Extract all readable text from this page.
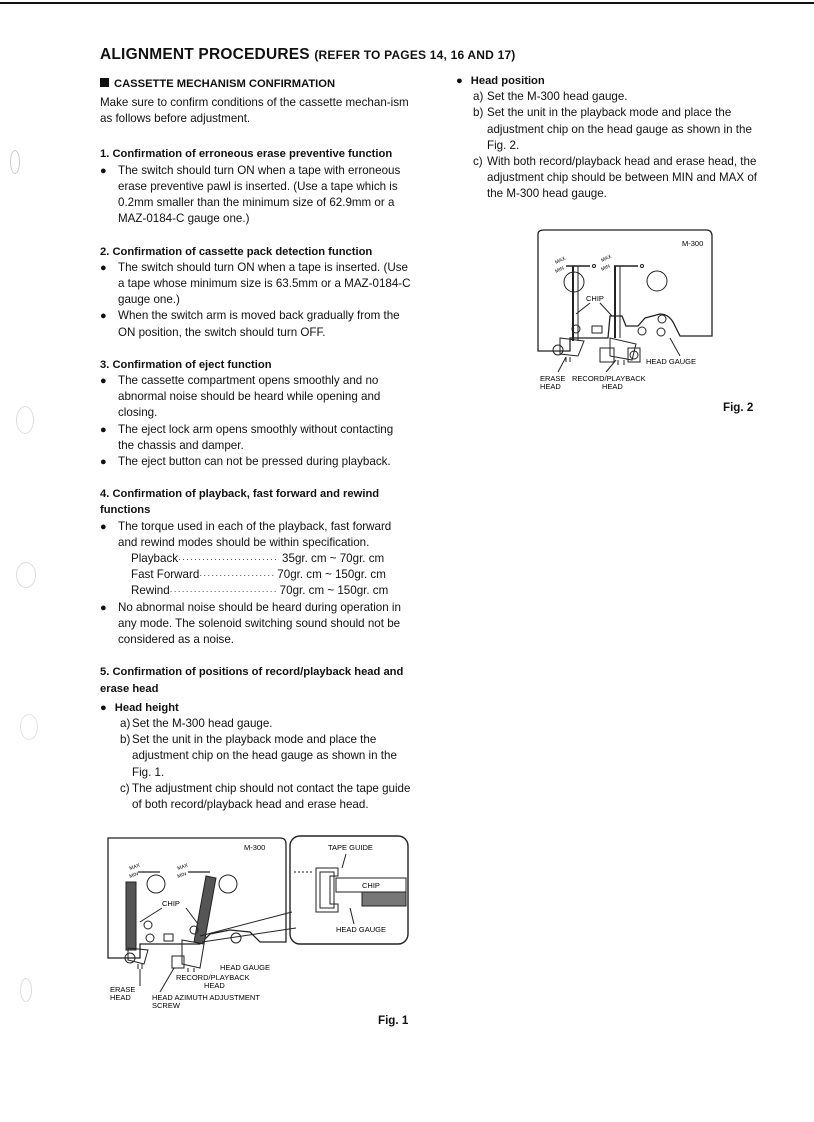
ALIGNMENT PROCEDURES (REFER TO PAGES 14, 16 AND 17)
CASSETTE MECHANISM CONFIRMATION

Make sure to confirm conditions of the cassette mechan-ism as follows before adjustment.

1. Confirmation of erroneous erase preventive function
● The switch should turn ON when a tape with erroneous erase preventive pawl is inserted. (Use a tape which is 0.2mm smaller than the minimum size of 62.9mm or a MAZ-0184-C gauge one.)
2. Confirmation of cassette pack detection function
● The switch should turn ON when a tape is inserted. (Use a tape whose minimum size is 63.5mm or a MAZ-0184-C gauge one.)
● When the switch arm is moved back gradually from the ON position, the switch should turn OFF.
3. Confirmation of eject function
● The cassette compartment opens smoothly and no abnormal noise should be heard while opening and closing.
● The eject lock arm opens smoothly without contacting the chassis and damper.
● The eject button can not be pressed during playback.
4. Confirmation of playback, fast forward and rewind functions
● The torque used in each of the playback, fast forward and rewind modes should be within specification.
Playback ························· 35gr. cm ~ 70gr. cm
Fast Forward ··················· 70gr. cm ~ 150gr. cm
Rewind ··························· 70gr. cm ~ 150gr. cm
● No abnormal noise should be heard during operation in any mode. The solenoid switching sound should not be considered as a noise.
5. Confirmation of positions of record/playback head and erase head
● Head height
a) Set the M-300 head gauge.
b) Set the unit in the playback mode and place the adjustment chip on the head gauge as shown in the Fig. 1.
c) The adjustment chip should not contact the tape guide of both record/playback head and erase head.
● Head position
a) Set the M-300 head gauge.
b) Set the unit in the playback mode and place the adjustment chip on the head gauge as shown in the Fig. 2.
c) With both record/playback head and erase head, the adjustment chip should be between MIN and MAX of the M-300 head gauge.
M-300
MAX
MIN
MAX
MIN
CHIP
HEAD GAUGE
ERASE RECORD/PLAYBACK
HEAD	HEAD
Fig. 2
M-300
MAX
MIN
MAX
MIN
CHIP
HEAD GAUGE
RECORD/PLAYBACK
HEAD
ERASE
HEAD	HEAD AZIMUTH ADJUSTMENT
SCREW
TAPE GUIDE
CHIP
HEAD GAUGE
Fig. 1
